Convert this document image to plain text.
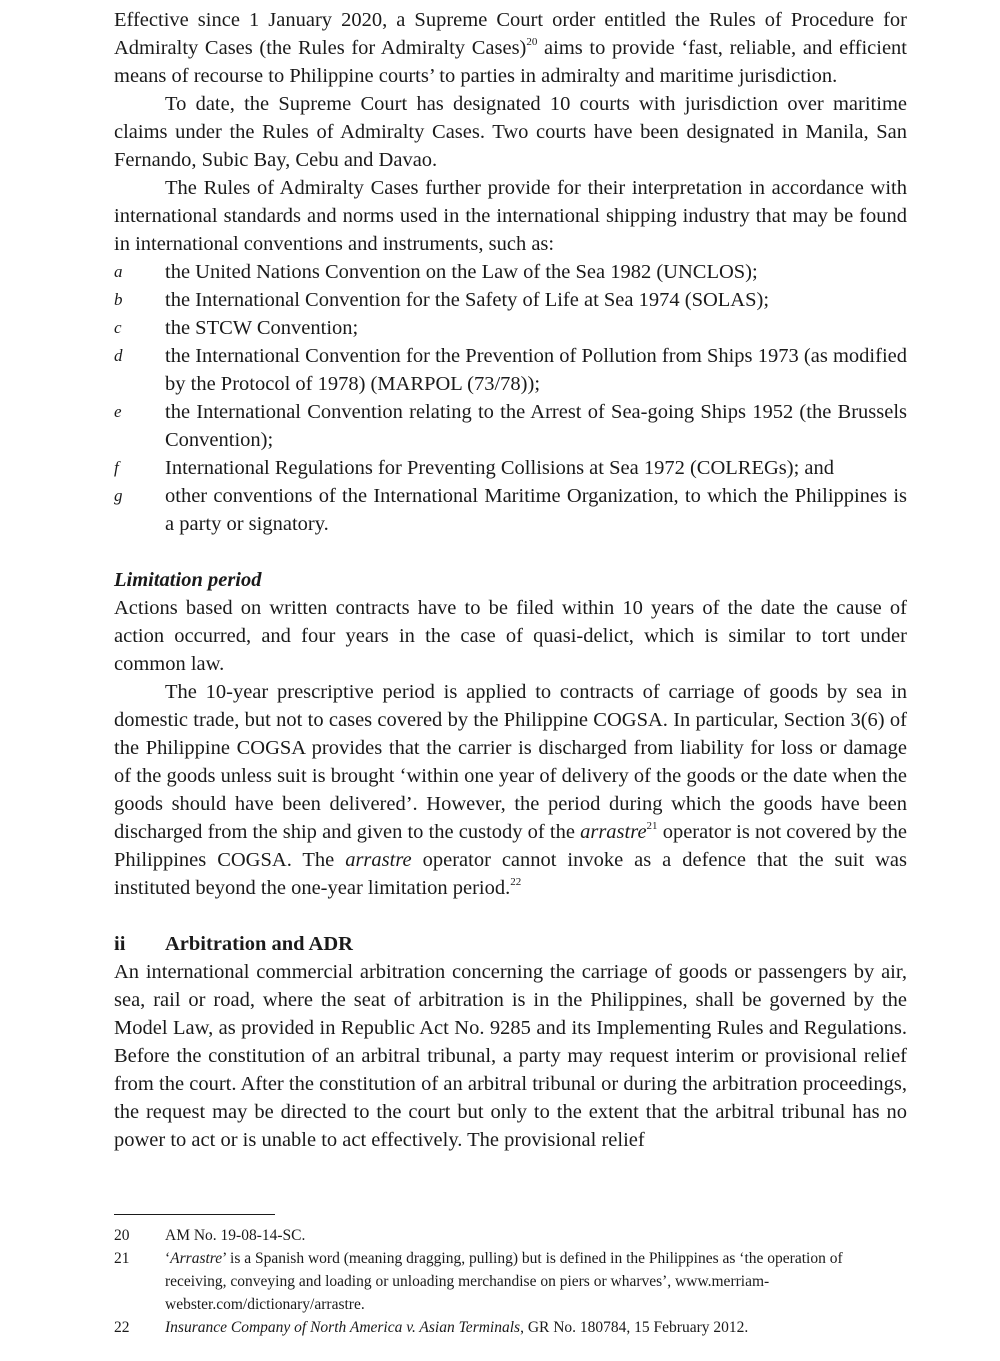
Effective since 1 January 2020, a Supreme Court order entitled the Rules of Procedure for Admiralty Cases (the Rules for Admiralty Cases)$^{20}$ aims to provide ‘fast, reliable, and efficient means of recourse to Philippine courts’ to parties in admiralty and maritime jurisdiction.

To date, the Supreme Court has designated 10 courts with jurisdiction over maritime claims under the Rules of Admiralty Cases. Two courts have been designated in Manila, San Fernando, Subic Bay, Cebu and Davao.

The Rules of Admiralty Cases further provide for their interpretation in accordance with international standards and norms used in the international shipping industry that may be found in international conventions and instruments, such as:

a	the United Nations Convention on the Law of the Sea 1982 (UNCLOS);
b	the International Convention for the Safety of Life at Sea 1974 (SOLAS);
c	the STCW Convention;
d	the International Convention for the Prevention of Pollution from Ships 1973 (as modified by the Protocol of 1978) (MARPOL (73/78));
e	the International Convention relating to the Arrest of Sea-going Ships 1952 (the Brussels Convention);
f	International Regulations for Preventing Collisions at Sea 1972 (COLREGs); and
g	other conventions of the International Maritime Organization, to which the Philippines is a party or signatory.
Limitation period

Actions based on written contracts have to be filed within 10 years of the date the cause of action occurred, and four years in the case of quasi-delict, which is similar to tort under common law.

The 10-year prescriptive period is applied to contracts of carriage of goods by sea in domestic trade, but not to cases covered by the Philippine COGSA. In particular, Section 3(6) of the Philippine COGSA provides that the carrier is discharged from liability for loss or damage of the goods unless suit is brought ‘within one year of delivery of the goods or the date when the goods should have been delivered’. However, the period during which the goods have been discharged from the ship and given to the custody of the arrastre$^{21}$ operator is not covered by the Philippines COGSA. The arrastre operator cannot invoke as a defence that the suit was instituted beyond the one-year limitation period.$^{22}$

ii	Arbitration and ADR

An international commercial arbitration concerning the carriage of goods or passengers by air, sea, rail or road, where the seat of arbitration is in the Philippines, shall be governed by the Model Law, as provided in Republic Act No. 9285 and its Implementing Rules and Regulations. Before the constitution of an arbitral tribunal, a party may request interim or provisional relief from the court. After the constitution of an arbitral tribunal or during the arbitration proceedings, the request may be directed to the court but only to the extent that the arbitral tribunal has no power to act or is unable to act effectively. The provisional relief

20	AM No. 19-08-14-SC.
21	‘Arrastre’ is a Spanish word (meaning dragging, pulling) but is defined in the Philippines as ‘the operation of receiving, conveying and loading or unloading merchandise on piers or wharves’, www.merriam-webster.com/dictionary/arrastre.
22	Insurance Company of North America v. Asian Terminals, GR No. 180784, 15 February 2012.
